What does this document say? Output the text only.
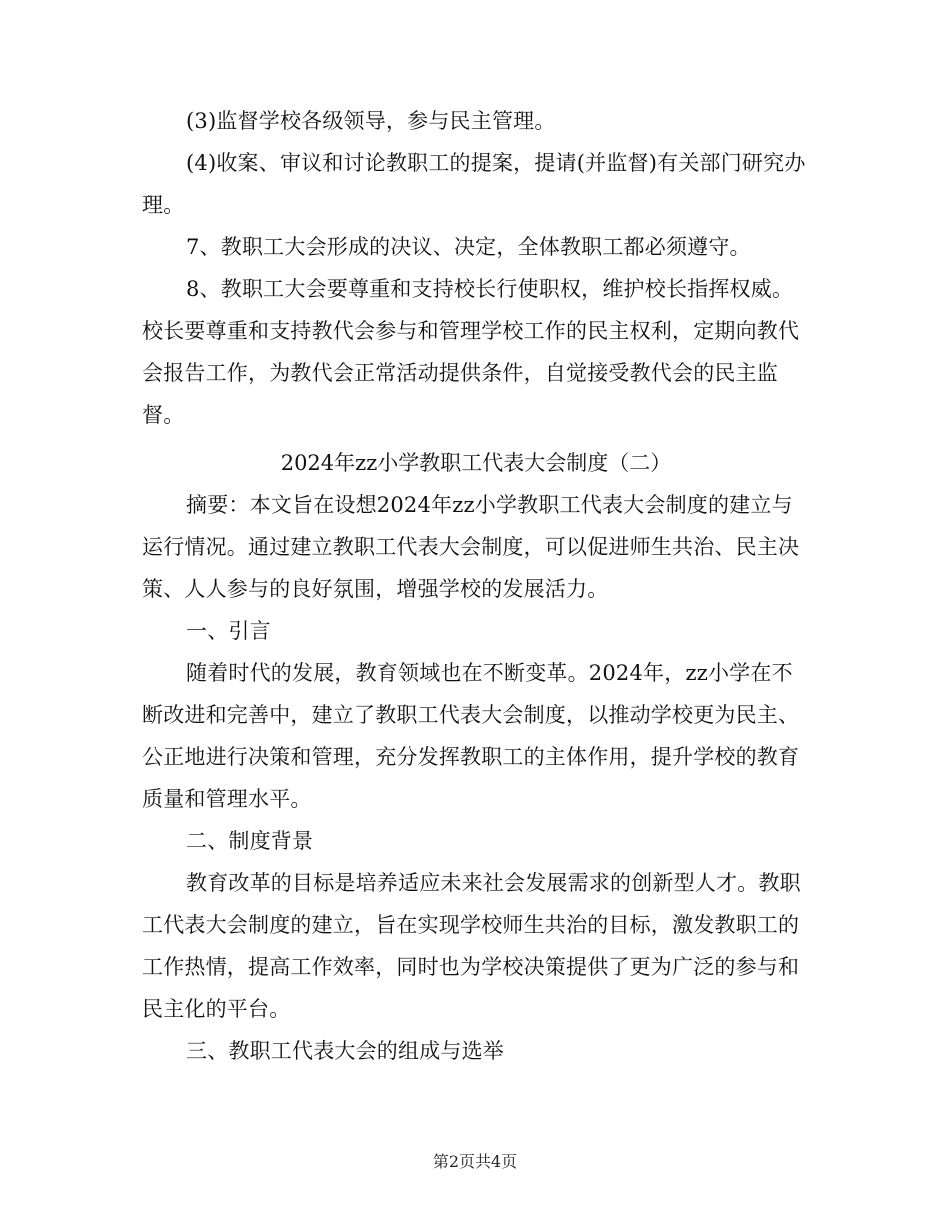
(3)监督学校各级领导，参与民主管理。

(4)收案、审议和讨论教职工的提案，提请(并监督)有关部门研究办理。

7、教职工大会形成的决议、决定，全体教职工都必须遵守。

8、教职工大会要尊重和支持校长行使职权，维护校长指挥权威。校长要尊重和支持教代会参与和管理学校工作的民主权利，定期向教代会报告工作，为教代会正常活动提供条件，自觉接受教代会的民主监督。

2024年zz小学教职工代表大会制度（二）

摘要：本文旨在设想2024年zz小学教职工代表大会制度的建立与运行情况。通过建立教职工代表大会制度，可以促进师生共治、民主决策、人人参与的良好氛围，增强学校的发展活力。

一、引言

随着时代的发展，教育领域也在不断变革。2024年，zz小学在不断改进和完善中，建立了教职工代表大会制度，以推动学校更为民主、公正地进行决策和管理，充分发挥教职工的主体作用，提升学校的教育质量和管理水平。

二、制度背景

教育改革的目标是培养适应未来社会发展需求的创新型人才。教职工代表大会制度的建立，旨在实现学校师生共治的目标，激发教职工的工作热情，提高工作效率，同时也为学校决策提供了更为广泛的参与和民主化的平台。

三、教职工代表大会的组成与选举

第2页共4页
